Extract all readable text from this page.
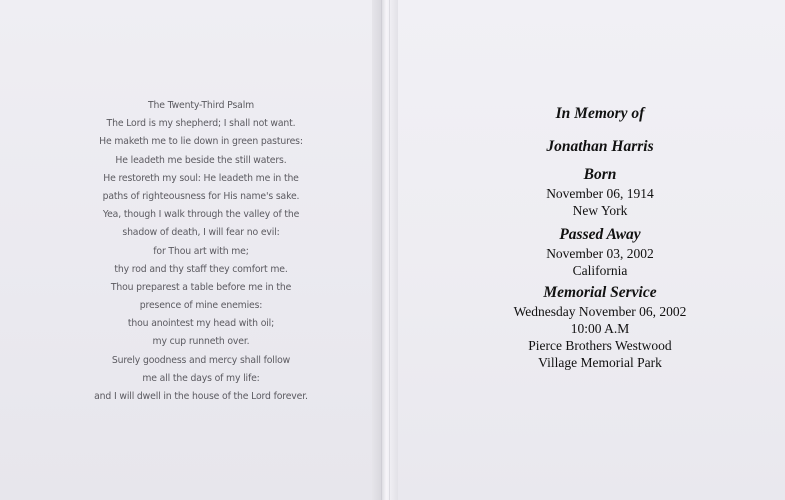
The Twenty-Third Psalm
The Lord is my shepherd; I shall not want.
He maketh me to lie down in green pastures:
He leadeth me beside the still waters.
He restoreth my soul: He leadeth me in the
paths of righteousness for His name's sake.
Yea, though I walk through the valley of the
shadow of death, I will fear no evil:
for Thou art with me;
thy rod and thy staff they comfort me.
Thou preparest a table before me in the
presence of mine enemies:
thou anointest my head with oil;
my cup runneth over.
Surely goodness and mercy shall follow
me all the days of my life:
and I will dwell in the house of the Lord forever.
In Memory of
Jonathan Harris
Born
November 06, 1914
New York
Passed Away
November 03, 2002
California
Memorial Service
Wednesday November 06, 2002
10:00 A.M
Pierce Brothers Westwood
Village Memorial Park
